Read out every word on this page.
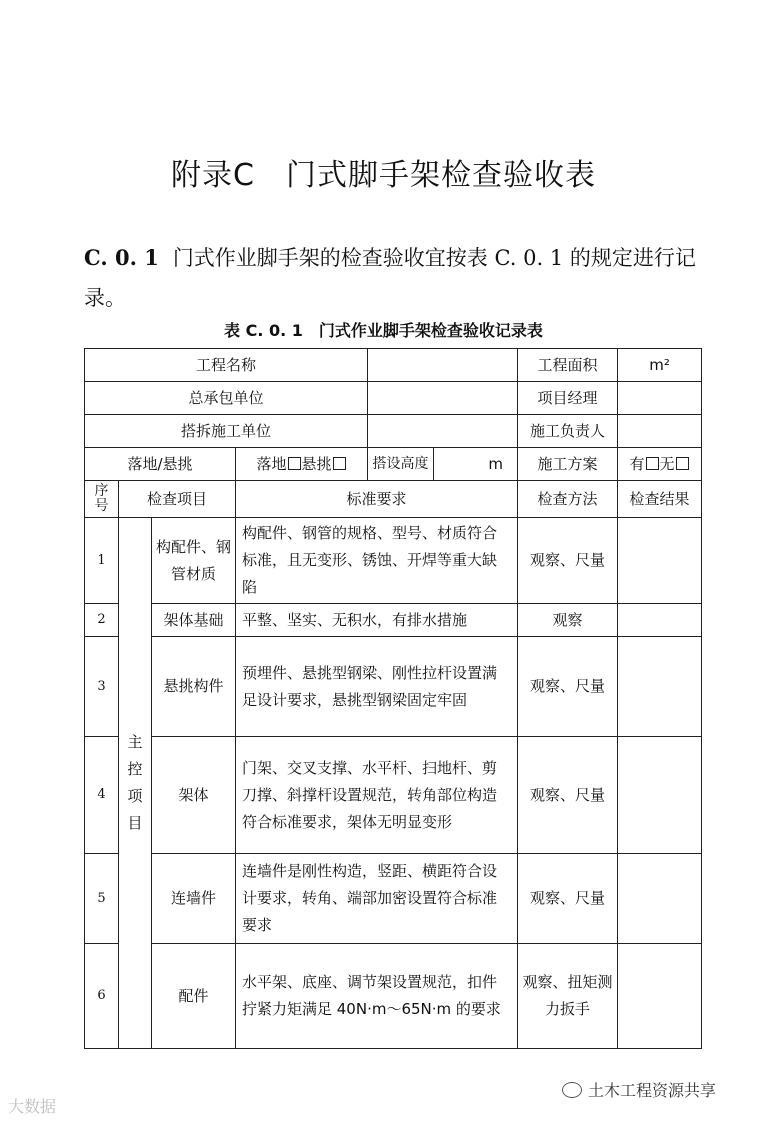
附录C　门式脚手架检查验收表
C. 0. 1 门式作业脚手架的检查验收宜按表 C. 0. 1 的规定进行记录。
表 C. 0. 1　门式作业脚手架检查验收记录表
工程名称						工程面积	m²
总承包单位						项目经理	
搭拆施工单位						施工负责人	
落地/悬挑			落地 悬挑	搭设高度	m	施工方案	有 无
序号	检查项目		标准要求			检查方法	检查结果
1	主控项目	构配件、钢管材质	构配件、钢管的规格、型号、材质符合标准，且无变形、锈蚀、开焊等重大缺陷			观察、尺量	
2		架体基础	平整、坚实、无积水，有排水措施			观察	
3		悬挑构件	预埋件、悬挑型钢梁、刚性拉杆设置满足设计要求，悬挑型钢梁固定牢固			观察、尺量	
4		架体	门架、交叉支撑、水平杆、扫地杆、剪刀撑、斜撑杆设置规范，转角部位构造符合标准要求，架体无明显变形			观察、尺量	
5		连墙件	连墙件是刚性构造，竖距、横距符合设计要求，转角、端部加密设置符合标准要求			观察、尺量	
6		配件	水平架、底座、调节架设置规范，扣件拧紧力矩满足 40N·m～65N·m 的要求			观察、扭矩测力扳手	
大数据
土木工程资源共享
